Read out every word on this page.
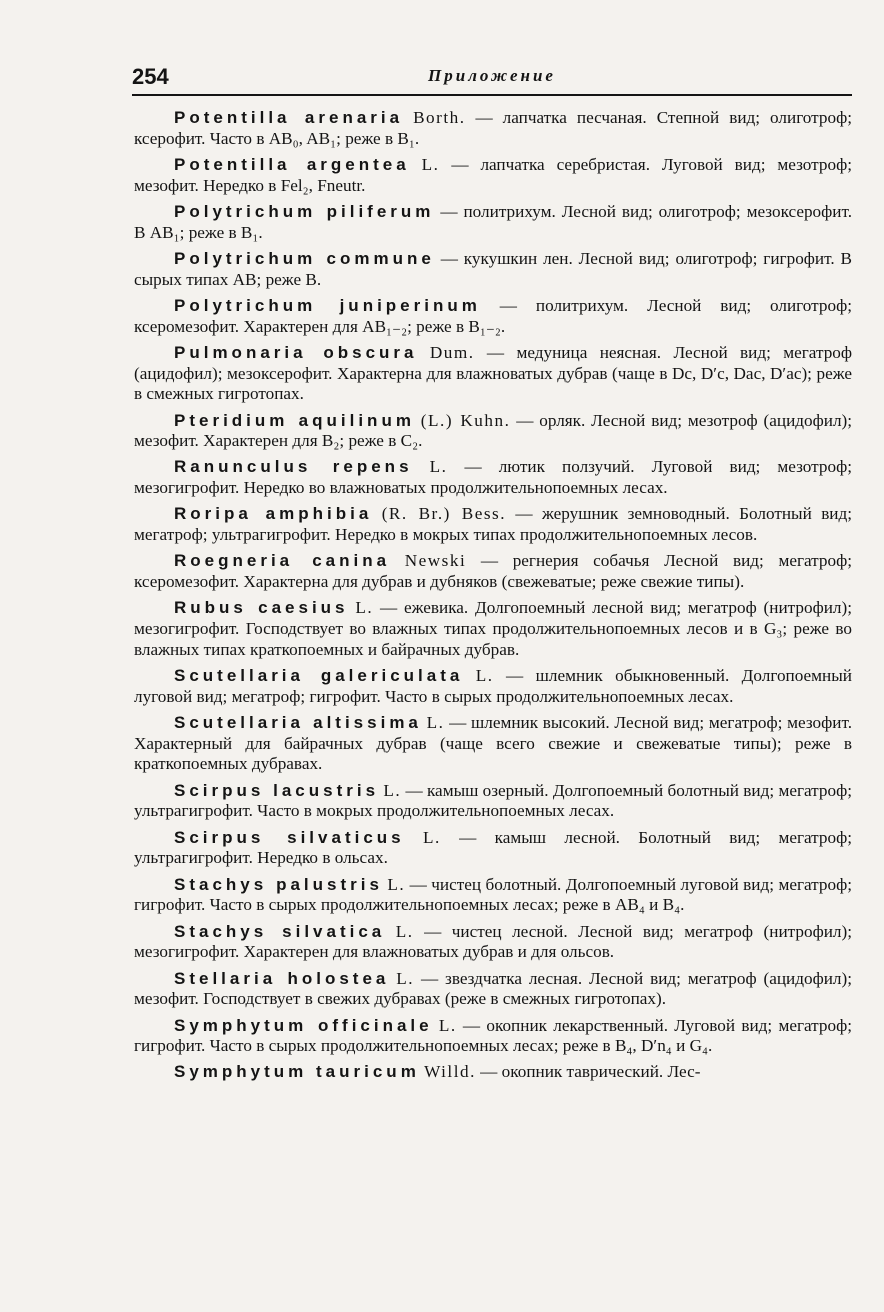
254	Приложение

Potentilla arenaria Borth. — лапчатка песчаная. Степной вид; олиготроф; ксерофит. Часто в AB₀, AB₁; реже в B₁.

Potentilla argentea L. — лапчатка серебристая. Луговой вид; мезотроф; мезофит. Нередко в Fel₂, Fneutr.

Polytrichum piliferum — политрихум. Лесной вид; олиготроф; мезоксерофит. В AB₁; реже в B₁.

Polytrichum commune — кукушкин лен. Лесной вид; олиготроф; гигрофит. В сырых типах AB; реже B.

Polytrichum juniperinum — политрихум. Лесной вид; олиготроф; ксеромезофит. Характерен для AB₁₋₂; реже в B₁₋₂.

Pulmonaria obscura Dum. — медуница неясная. Лесной вид; мегатроф (ацидофил); мезоксерофит. Характерна для влажноватых дубрав (чаще в Dc, D′c, Dac, D′ac); реже в смежных гигротопах.

Pteridium aquilinum (L.) Kuhn. — орляк. Лесной вид; мезотроф (ацидофил); мезофит. Характерен для B₂; реже в C₂.

Ranunculus repens L. — лютик ползучий. Луговой вид; мезотроф; мезогигрофит. Нередко во влажноватых продолжительнопоемных лесах.

Roripa amphibia (R. Br.) Bess. — жерушник земноводный. Болотный вид; мегатроф; ультрагигрофит. Нередко в мокрых типах продолжительнопоемных лесов.

Roegneria canina Newski — регнерия собачья Лесной вид; мегатроф; ксеромезофит. Характерна для дубрав и дубняков (свежеватые; реже свежие типы).

Rubus caesius L. — ежевика. Долгопоемный лесной вид; мегатроф (нитрофил); мезогигрофит. Господствует во влажных типах продолжительнопоемных лесов и в G₃; реже во влажных типах краткопоемных и байрачных дубрав.

Scutellaria galericulata L. — шлемник обыкновенный. Долгопоемный луговой вид; мегатроф; гигрофит. Часто в сырых продолжительнопоемных лесах.

Scutellaria altissima L. — шлемник высокий. Лесной вид; мегатроф; мезофит. Характерный для байрачных дубрав (чаще всего свежие и свежеватые типы); реже в краткопоемных дубравах.

Scirpus lacustris L. — камыш озерный. Долгопоемный болотный вид; мегатроф; ультрагигрофит. Часто в мокрых продолжительнопоемных лесах.

Scirpus silvaticus L. — камыш лесной. Болотный вид; мегатроф; ультрагигрофит. Нередко в ольсах.

Stachys palustris L. — чистец болотный. Долгопоемный луговой вид; мегатроф; гигрофит. Часто в сырых продолжительнопоемных лесах; реже в AB₄ и B₄.

Stachys silvatica L. — чистец лесной. Лесной вид; мегатроф (нитрофил); мезогигрофит. Характерен для влажноватых дубрав и для ольсов.

Stellaria holostea L. — звездчатка лесная. Лесной вид; мегатроф (ацидофил); мезофит. Господствует в свежих дубравах (реже в смежных гигротопах).

Symphytum officinale L. — окопник лекарственный. Луговой вид; мегатроф; гигрофит. Часто в сырых продолжительнопоемных лесах; реже в B₄, D′n₄ и G₄.

Symphytum tauricum Willd. — окопник таврический. Лес-
